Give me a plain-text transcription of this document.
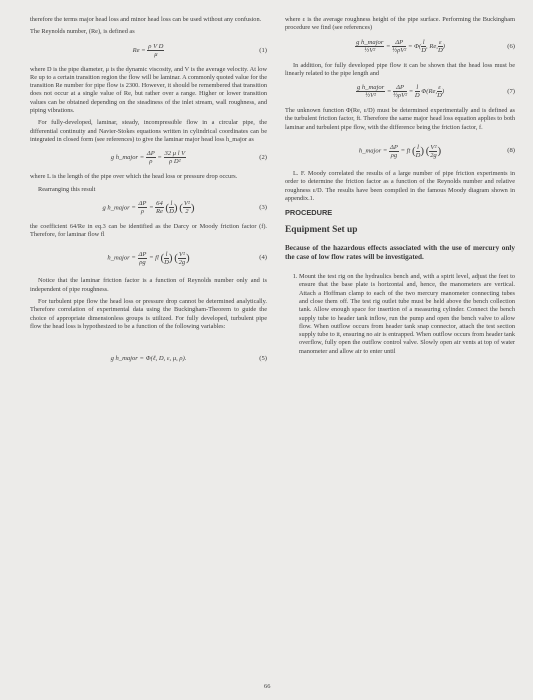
therefore the terms major head loss and minor head loss can be used without any confusion.

The Reynolds number, (Re), is defined as

$Re = \frac{\text{ρ V D}}{\mu}$	(1)

where D is the pipe diameter, μ is the dynamic viscosity, and V is the average velocity. At low Re up to a certain transition region the flow will be laminar. A commonly quoted value for the transition Re number for pipe flow is 2300. However, it should be remembered that transition does not occur at a single value of Re, but rather over a range. Higher or lower transition values can be obtained depending on the steadiness of the inlet stream, wall roughness, and piping vibrations.

For fully-developed, laminar, steady, incompressible flow in a circular pipe, the differential continuity and Navier-Stokes equations written in cylindrical coordinates can be integrated in closed form (see references) to give the laminar major head loss h_major as

g h_major = $\frac{\Delta P}{\rho} = \frac{\text{32 μ l V}}{\text{ρ D²}}$	(2)

where L is the length of the pipe over which the head loss or pressure drop occurs.

Rearranging this result

g h_major = $\frac{\Delta P}{\rho} = \frac{64}{Re}$ ( $\frac{l}{D}$ ) ( $\frac{\text{V²}}{2}$ )	(3)

the coefficient 64/Re in eq.3 can be identified as the Darcy or Moody friction factor (f). Therefore, for laminar flow fl

h_major = $\frac{\Delta P}{\rho g}$ = fl ( $\frac{l}{D}$ ) ( $\frac{\text{V²}}{2g}$ )	(4)

Notice that the laminar friction factor is a function of Reynolds number only and is independent of pipe roughness.

For turbulent pipe flow the head loss or pressure drop cannot be determined analytically. Therefore correlation of experimental data using the Buckingham-Theorem to guide the choice of appropriate dimensionless groups is utilized. For fully developed, turbulent pipe flow the head loss is hypothesized to be a function of the following variables:

g h_major = Φ(ℓ, D, ε, μ, ρ).	(5)

where ε is the average roughness height of the pipe surface. Performing the Buckingham procedure we find (see references)

$\frac{\text{g h\_major}}{\text{½V²}} = \frac{\Delta P}{\text{½ρV²}} = \Phi( \frac{l}{D}$ , Re, $\frac{\varepsilon}{D}$ )	(6)

In addition, for fully developed pipe flow it can be shown that the head loss must be linearly related to the pipe length and

$\frac{\text{g h\_major}}{\text{½V²}} = \frac{\Delta P}{\text{½ρV²}} = \frac{l}{D} \Phi(Re$, $\frac{\varepsilon}{D}$ )	(7)

The unknown function Φ(Re, ε/D) must be determined experimentally and is defined as the turbulent friction factor, ft. Therefore the same major head loss equation applies to both laminar and turbulent pipe flow, with the difference being the friction factor, f.

h_major = $\frac{\Delta P}{\rho g}$ = ft ( $\frac{l}{D}$ ) ( $\frac{\text{V²}}{2g}$ )	(8)

L. F. Moody correlated the results of a large number of pipe friction experiments in order to determine the friction factor as a function of the Reynolds number and relative roughness ε/D. The results have been compiled in the famous Moody diagram shown in appendix.1.

PROCEDURE
Equipment Set up

Because of the hazardous effects associated with the use of mercury only the case of low flow rates will be investigated.

1. Mount the test rig on the hydraulics bench and, with a spirit level, adjust the feet to ensure that the base plate is horizontal and, hence, the manometers are vertical. Attach a Hoffman clamp to each of the two mercury manometer connecting tubes and close them off. The test rig outlet tube must be held above the bench collection tank. Allow enough space for insertion of a measuring cylinder. Connect the bench supply tube to header tank inflow, run the pump and open the bench valve to allow flow. When outflow occurs from header tank snap connector, attach the test section supply tube to it, ensuring no air is entrapped. When outflow occurs from header tank overflow, fully open the outflow control valve. Slowly open air vents at top of water manometer and allow air to enter until
66
